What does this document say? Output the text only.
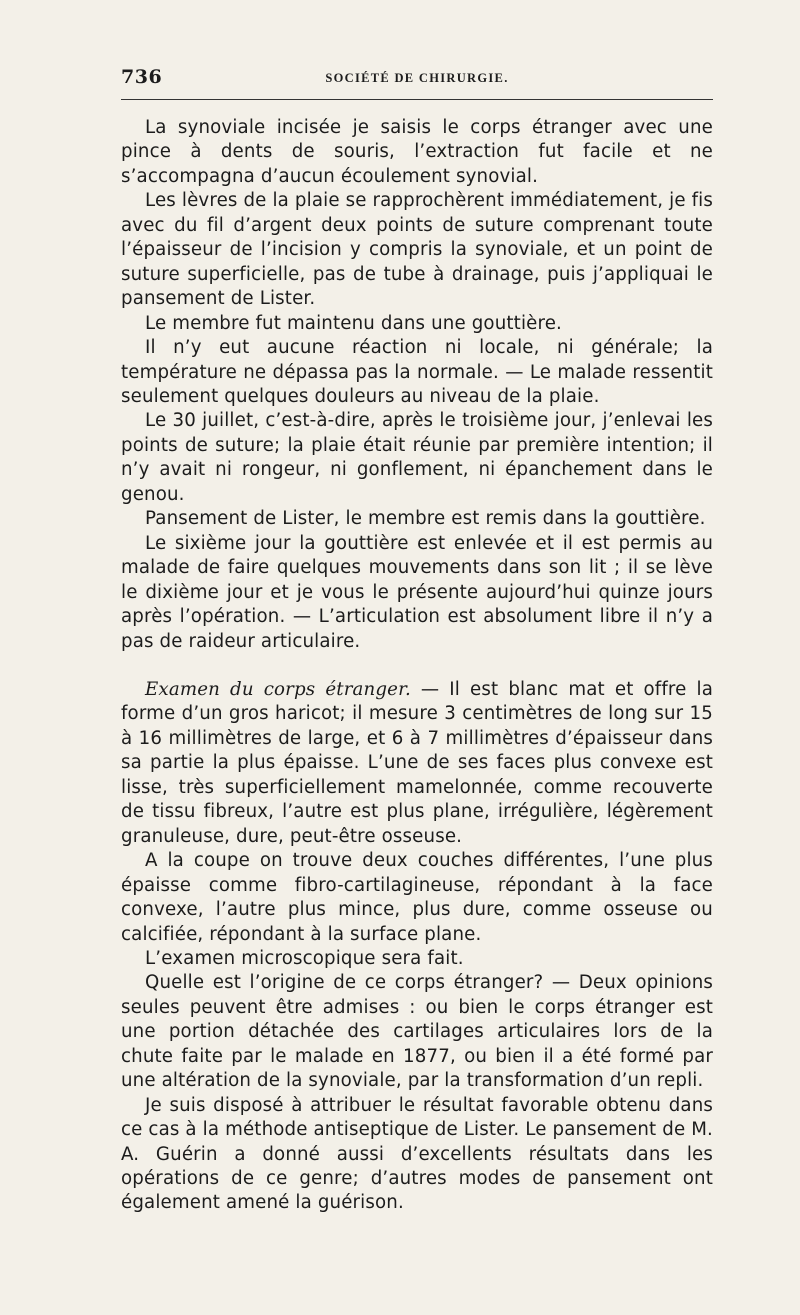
736	SOCIÉTÉ DE CHIRURGIE.

La synoviale incisée je saisis le corps étranger avec une pince à dents de souris, l’extraction fut facile et ne s’accompagna d’aucun écoulement synovial.

Les lèvres de la plaie se rapprochèrent immédiatement, je fis avec du fil d’argent deux points de suture comprenant toute l’épaisseur de l’incision y compris la synoviale, et un point de suture superficielle, pas de tube à drainage, puis j’appliquai le pansement de Lister.

Le membre fut maintenu dans une gouttière.

Il n’y eut aucune réaction ni locale, ni générale; la température ne dépassa pas la normale. — Le malade ressentit seulement quelques douleurs au niveau de la plaie.

Le 30 juillet, c’est-à-dire, après le troisième jour, j’enlevai les points de suture; la plaie était réunie par première intention; il n’y avait ni rongeur, ni gonflement, ni épanchement dans le genou.

Pansement de Lister, le membre est remis dans la gouttière.

Le sixième jour la gouttière est enlevée et il est permis au malade de faire quelques mouvements dans son lit ; il se lève le dixième jour et je vous le présente aujourd’hui quinze jours après l’opération. — L’articulation est absolument libre il n’y a pas de raideur articulaire.

Examen du corps étranger. — Il est blanc mat et offre la forme d’un gros haricot; il mesure 3 centimètres de long sur 15 à 16 millimètres de large, et 6 à 7 millimètres d’épaisseur dans sa partie la plus épaisse. L’une de ses faces plus convexe est lisse, très superficiellement mamelonnée, comme recouverte de tissu fibreux, l’autre est plus plane, irrégulière, légèrement granuleuse, dure, peut-être osseuse.

A la coupe on trouve deux couches différentes, l’une plus épaisse comme fibro-cartilagineuse, répondant à la face convexe, l’autre plus mince, plus dure, comme osseuse ou calcifiée, répondant à la surface plane.

L’examen microscopique sera fait.

Quelle est l’origine de ce corps étranger? — Deux opinions seules peuvent être admises : ou bien le corps étranger est une portion détachée des cartilages articulaires lors de la chute faite par le malade en 1877, ou bien il a été formé par une altération de la synoviale, par la transformation d’un repli.

Je suis disposé à attribuer le résultat favorable obtenu dans ce cas à la méthode antiseptique de Lister. Le pansement de M. A. Guérin a donné aussi d’excellents résultats dans les opérations de ce genre; d’autres modes de pansement ont également amené la guérison.
